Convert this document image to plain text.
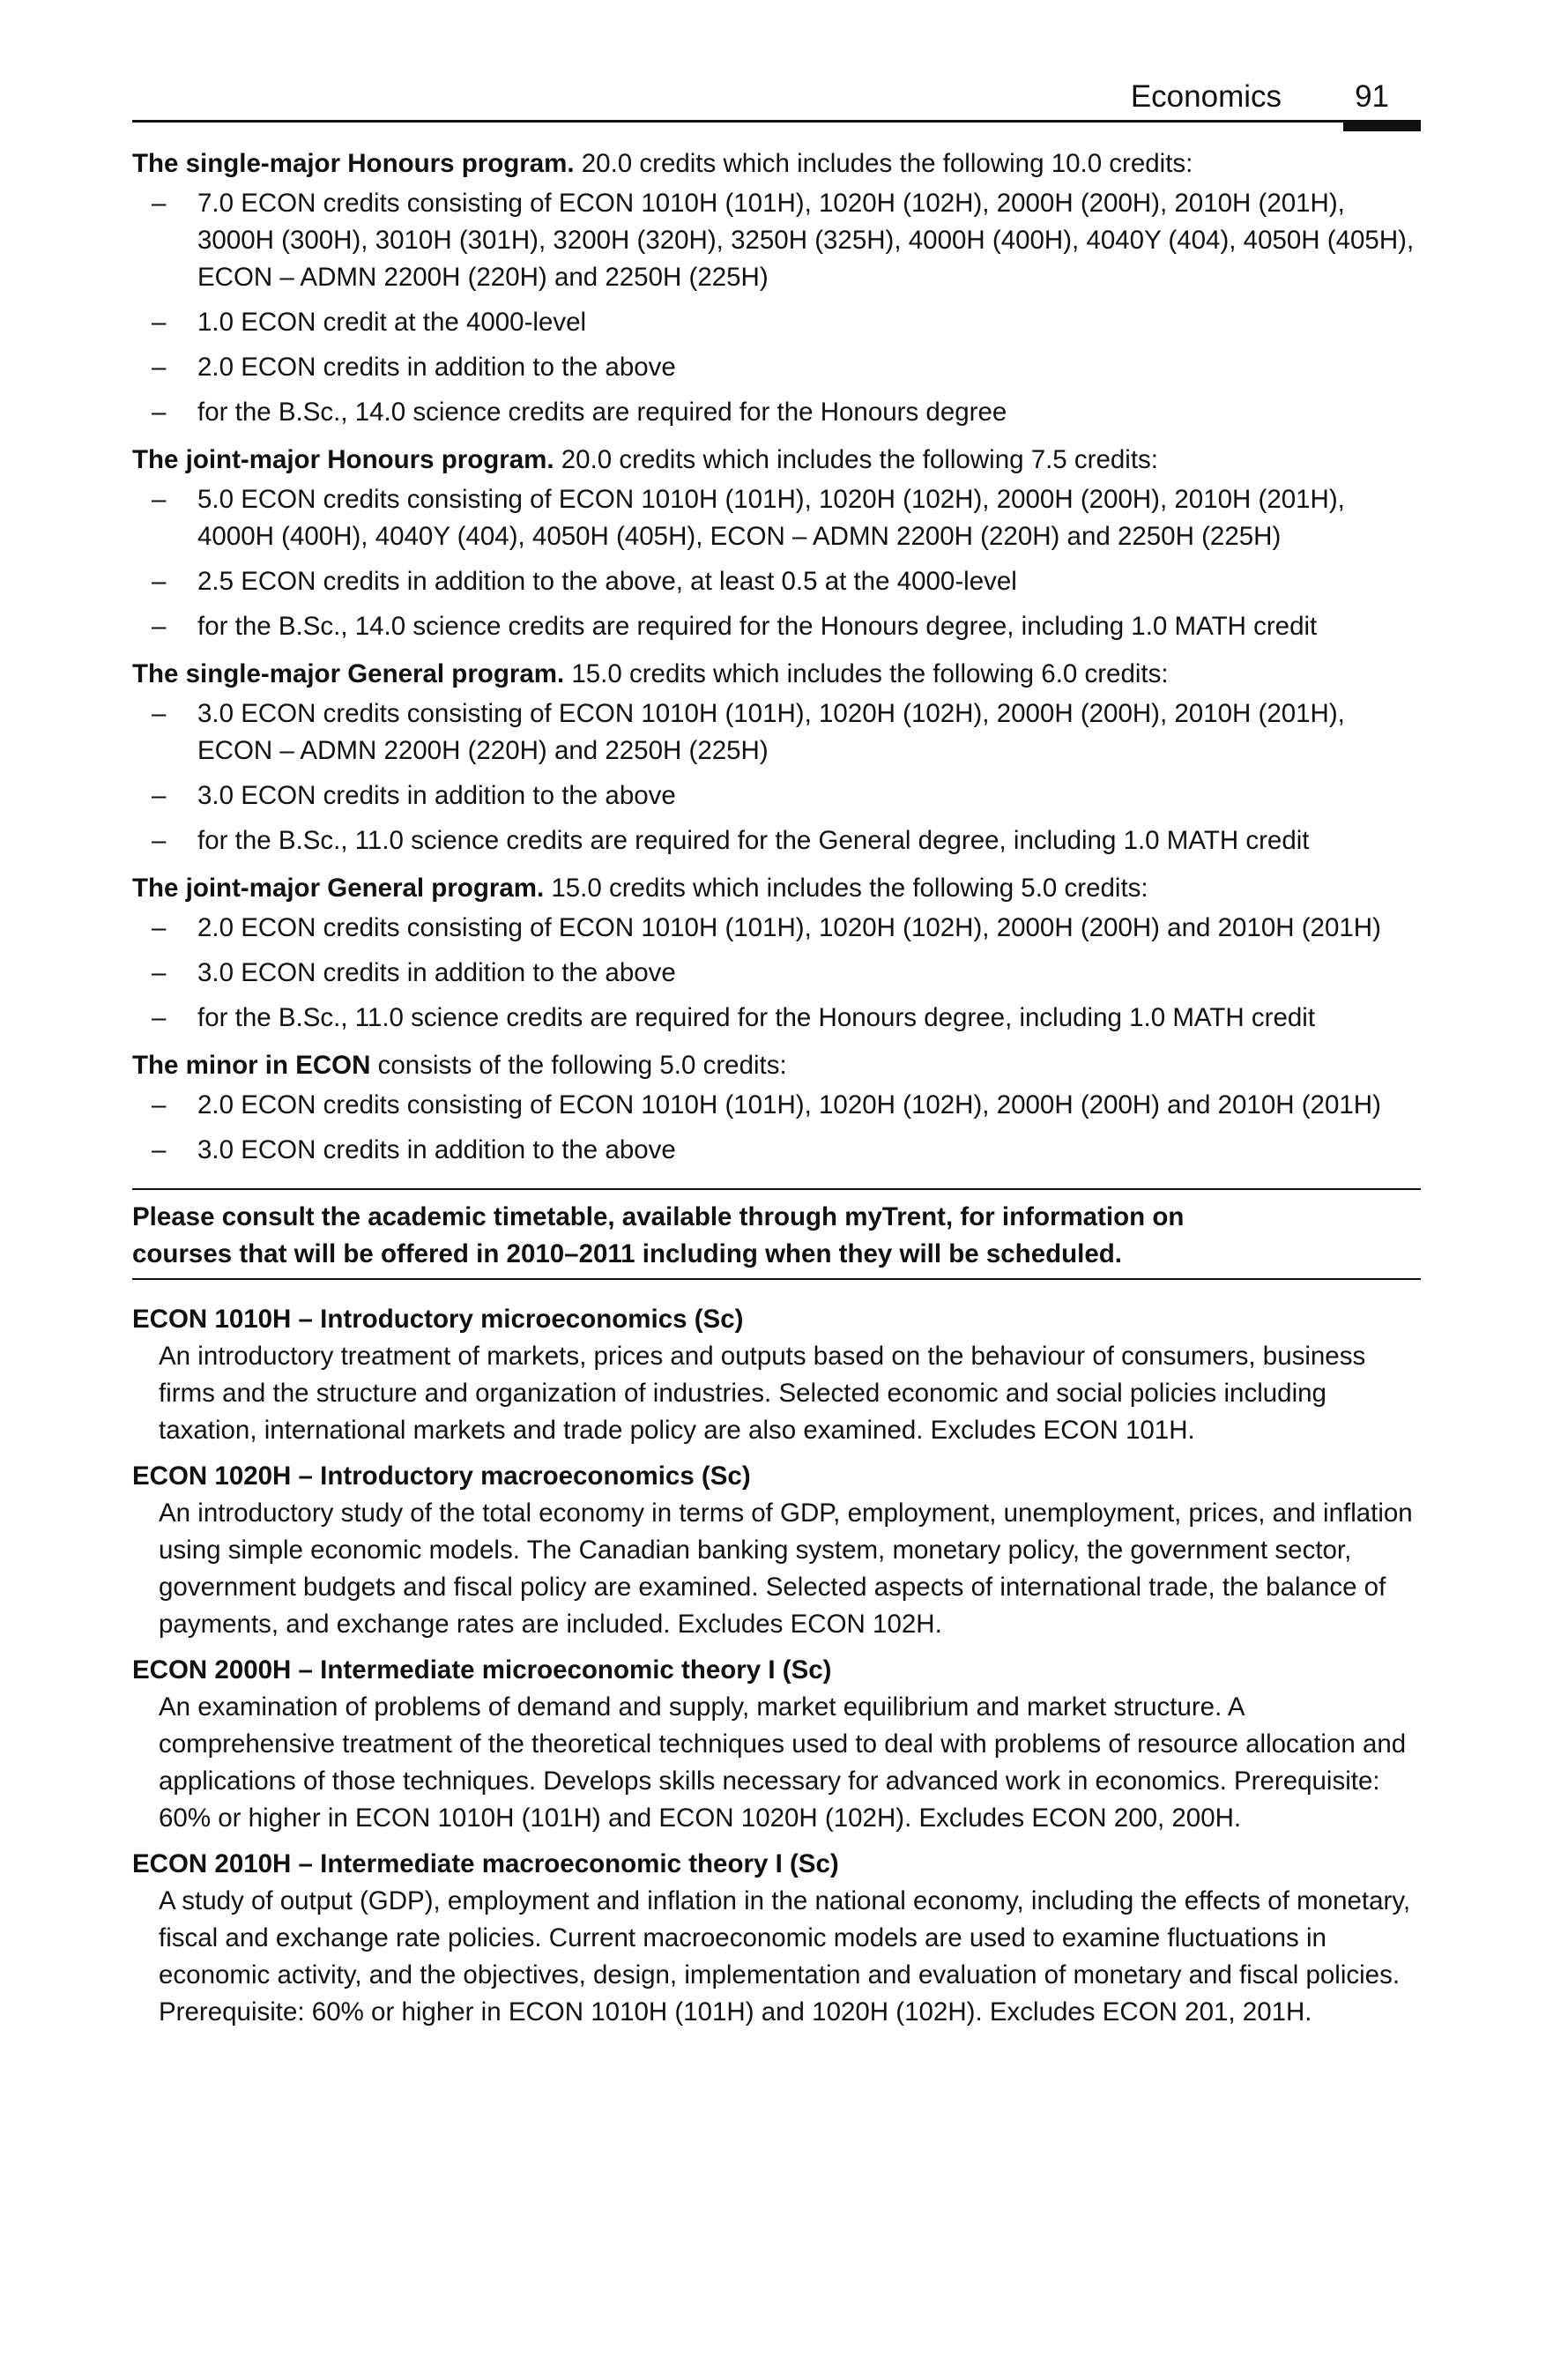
Economics 91
The single-major Honours program. 20.0 credits which includes the following 10.0 credits:
– 7.0 ECON credits consisting of ECON 1010H (101H), 1020H (102H), 2000H (200H), 2010H (201H), 3000H (300H), 3010H (301H), 3200H (320H), 3250H (325H), 4000H (400H), 4040Y (404), 4050H (405H), ECON – ADMN 2200H (220H) and 2250H (225H)
– 1.0 ECON credit at the 4000-level
– 2.0 ECON credits in addition to the above
– for the B.Sc., 14.0 science credits are required for the Honours degree
The joint-major Honours program. 20.0 credits which includes the following 7.5 credits:
– 5.0 ECON credits consisting of ECON 1010H (101H), 1020H (102H), 2000H (200H), 2010H (201H), 4000H (400H), 4040Y (404), 4050H (405H), ECON – ADMN 2200H (220H) and 2250H (225H)
– 2.5 ECON credits in addition to the above, at least 0.5 at the 4000-level
– for the B.Sc., 14.0 science credits are required for the Honours degree, including 1.0 MATH credit
The single-major General program. 15.0 credits which includes the following 6.0 credits:
– 3.0 ECON credits consisting of ECON 1010H (101H), 1020H (102H), 2000H (200H), 2010H (201H), ECON – ADMN 2200H (220H) and 2250H (225H)
– 3.0 ECON credits in addition to the above
– for the B.Sc., 11.0 science credits are required for the General degree, including 1.0 MATH credit
The joint-major General program. 15.0 credits which includes the following 5.0 credits:
– 2.0 ECON credits consisting of ECON 1010H (101H), 1020H (102H), 2000H (200H) and 2010H (201H)
– 3.0 ECON credits in addition to the above
– for the B.Sc., 11.0 science credits are required for the Honours degree, including 1.0 MATH credit
The minor in ECON consists of the following 5.0 credits:
– 2.0 ECON credits consisting of ECON 1010H (101H), 1020H (102H), 2000H (200H) and 2010H (201H)
– 3.0 ECON credits in addition to the above
Please consult the academic timetable, available through myTrent, for information on
courses that will be offered in 2010–2011 including when they will be scheduled.
ECON 1010H – Introductory microeconomics (Sc)
An introductory treatment of markets, prices and outputs based on the behaviour of consumers, business firms and the structure and organization of industries. Selected economic and social policies including taxation, international markets and trade policy are also examined. Excludes ECON 101H.
ECON 1020H – Introductory macroeconomics (Sc)
An introductory study of the total economy in terms of GDP, employment, unemployment, prices, and inflation using simple economic models. The Canadian banking system, monetary policy, the government sector, government budgets and fiscal policy are examined. Selected aspects of international trade, the balance of payments, and exchange rates are included. Excludes ECON 102H.
ECON 2000H – Intermediate microeconomic theory I (Sc)
An examination of problems of demand and supply, market equilibrium and market structure. A comprehensive treatment of the theoretical techniques used to deal with problems of resource allocation and applications of those techniques. Develops skills necessary for advanced work in economics. Prerequisite: 60% or higher in ECON 1010H (101H) and ECON 1020H (102H). Excludes ECON 200, 200H.
ECON 2010H – Intermediate macroeconomic theory I (Sc)
A study of output (GDP), employment and inflation in the national economy, including the effects of monetary, fiscal and exchange rate policies. Current macroeconomic models are used to examine fluctuations in economic activity, and the objectives, design, implementation and evaluation of monetary and fiscal policies. Prerequisite: 60% or higher in ECON 1010H (101H) and 1020H (102H). Excludes ECON 201, 201H.
